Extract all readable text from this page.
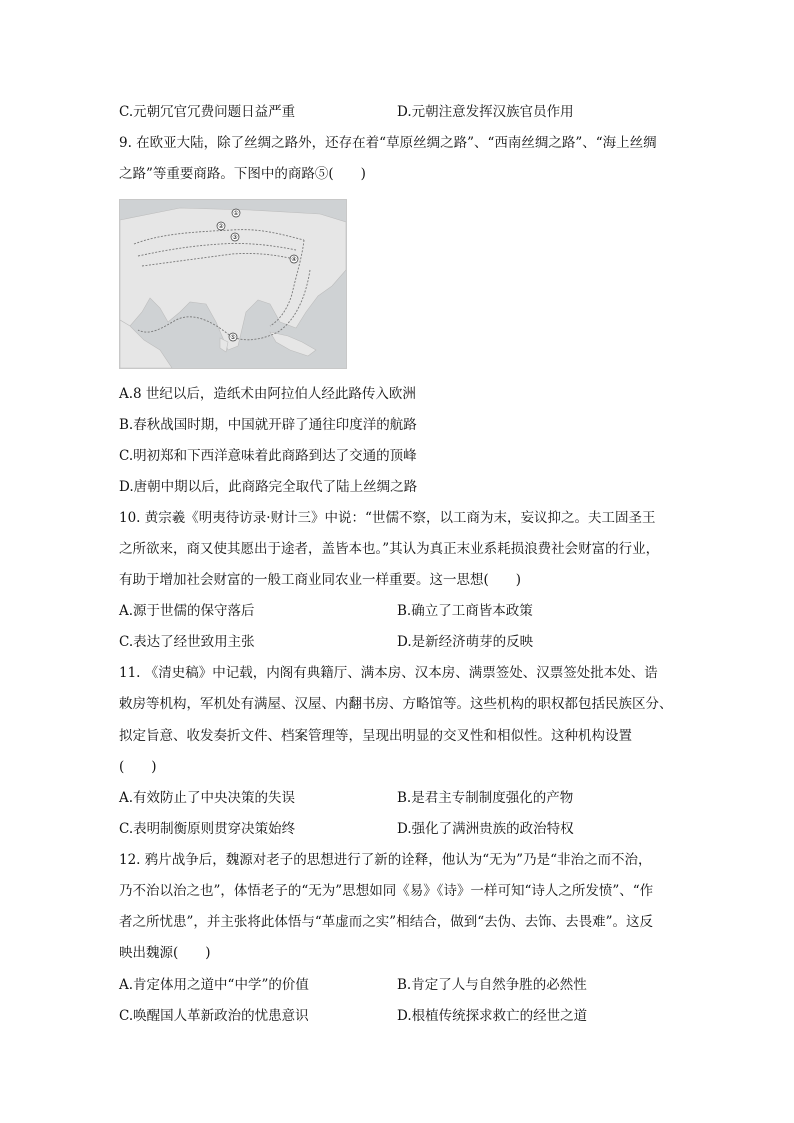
C.元朝冗官冗费问题日益严重	D.元朝注意发挥汉族官员作用
9. 在欧亚大陆，除了丝绸之路外，还存在着“草原丝绸之路”、“西南丝绸之路”、“海上丝绸
之路”等重要商路。下图中的商路⑤(　　)
①
②
③
④
⑤
A.8 世纪以后，造纸术由阿拉伯人经此路传入欧洲
B.春秋战国时期，中国就开辟了通往印度洋的航路
C.明初郑和下西洋意味着此商路到达了交通的顶峰
D.唐朝中期以后，此商路完全取代了陆上丝绸之路
10. 黄宗羲《明夷待访录·财计三》中说：“世儒不察，以工商为末，妄议抑之。夫工固圣王
之所欲来，商又使其愿出于途者，盖皆本也。”其认为真正末业系耗损浪费社会财富的行业，
有助于增加社会财富的一般工商业同农业一样重要。这一思想(　　)
A.源于世儒的保守落后	B.确立了工商皆本政策
C.表达了经世致用主张	D.是新经济萌芽的反映
11. 《清史稿》中记载，内阁有典籍厅、满本房、汉本房、满票签处、汉票签处批本处、诰
敕房等机构，军机处有满屋、汉屋、内翻书房、方略馆等。这些机构的职权都包括民族区分、
拟定旨意、收发奏折文件、档案管理等，呈现出明显的交叉性和相似性。这种机构设置
(　　)
A.有效防止了中央决策的失误	B.是君主专制制度强化的产物
C.表明制衡原则贯穿决策始终	D.强化了满洲贵族的政治特权
12. 鸦片战争后，魏源对老子的思想进行了新的诠释，他认为“无为”乃是“非治之而不治，
乃不治以治之也”，体悟老子的“无为”思想如同《易》《诗》一样可知“诗人之所发愤”、“作
者之所忧患”，并主张将此体悟与“革虚而之实”相结合，做到“去伪、去饰、去畏难”。这反
映出魏源(　　)
A.肯定体用之道中“中学”的价值	B.肯定了人与自然争胜的必然性
C.唤醒国人革新政治的忧患意识	D.根植传统探求救亡的经世之道
